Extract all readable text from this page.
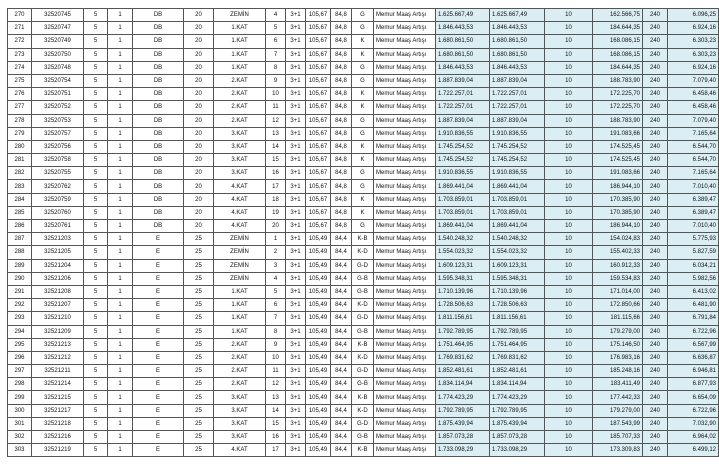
270	32520745	5	1	DB	20	ZEMİN	4	3+1	105,67	84,8	G	Memur Maaş Artışı	1.625.667,49	1.625.667,49	10	162.566,75	240	6.096,25
271	32520747	5	1	DB	20	1.KAT	5	3+1	105,67	84,8	G	Memur Maaş Artışı	1.846.443,53	1.846.443,53	10	184.644,35	240	6.924,16
272	32520749	5	1	DB	20	1.KAT	6	3+1	105,67	84,8	K	Memur Maaş Artışı	1.680.861,50	1.680.861,50	10	168.086,15	240	6.303,23
273	32520750	5	1	DB	20	1.KAT	7	3+1	105,67	84,8	K	Memur Maaş Artışı	1.680.861,50	1.680.861,50	10	168.086,15	240	6.303,23
274	32520748	5	1	DB	20	1.KAT	8	3+1	105,67	84,8	G	Memur Maaş Artışı	1.846.443,53	1.846.443,53	10	184.644,35	240	6.924,16
275	32520754	5	1	DB	20	2.KAT	9	3+1	105,67	84,8	G	Memur Maaş Artışı	1.887.839,04	1.887.839,04	10	188.783,90	240	7.079,40
276	32520751	5	1	DB	20	2.KAT	10	3+1	105,67	84,8	K	Memur Maaş Artışı	1.722.257,01	1.722.257,01	10	172.225,70	240	6.458,46
277	32520752	5	1	DB	20	2.KAT	11	3+1	105,67	84,8	K	Memur Maaş Artışı	1.722.257,01	1.722.257,01	10	172.225,70	240	6.458,46
278	32520753	5	1	DB	20	2.KAT	12	3+1	105,67	84,8	G	Memur Maaş Artışı	1.887.839,04	1.887.839,04	10	188.783,90	240	7.079,40
279	32520757	5	1	DB	20	3.KAT	13	3+1	105,67	84,8	G	Memur Maaş Artışı	1.910.836,55	1.910.836,55	10	191.083,66	240	7.165,64
280	32520756	5	1	DB	20	3.KAT	14	3+1	105,67	84,8	K	Memur Maaş Artışı	1.745.254,52	1.745.254,52	10	174.525,45	240	6.544,70
281	32520758	5	1	DB	20	3.KAT	15	3+1	105,67	84,8	K	Memur Maaş Artışı	1.745.254,52	1.745.254,52	10	174.525,45	240	6.544,70
282	32520755	5	1	DB	20	3.KAT	16	3+1	105,67	84,8	G	Memur Maaş Artışı	1.910.836,55	1.910.836,55	10	191.083,66	240	7.165,64
283	32520762	5	1	DB	20	4.KAT	17	3+1	105,67	84,8	G	Memur Maaş Artışı	1.869.441,04	1.869.441,04	10	186.944,10	240	7.010,40
284	32520759	5	1	DB	20	4.KAT	18	3+1	105,67	84,8	K	Memur Maaş Artışı	1.703.859,01	1.703.859,01	10	170.385,90	240	6.389,47
285	32520760	5	1	DB	20	4.KAT	19	3+1	105,67	84,8	K	Memur Maaş Artışı	1.703.859,01	1.703.859,01	10	170.385,90	240	6.389,47
286	32520761	5	1	DB	20	4.KAT	20	3+1	105,67	84,8	G	Memur Maaş Artışı	1.869.441,04	1.869.441,04	10	186.944,10	240	7.010,40
287	32521203	5	1	E	25	ZEMİN	1	3+1	105,49	84,4	K-B	Memur Maaş Artışı	1.540.248,32	1.540.248,32	10	154.024,83	240	5.775,93
288	32521205	5	1	E	25	ZEMİN	2	3+1	105,49	84,4	K-D	Memur Maaş Artışı	1.554.023,32	1.554.023,32	10	155.402,33	240	5.827,59
289	32521204	5	1	E	25	ZEMİN	3	3+1	105,49	84,4	G-D	Memur Maaş Artışı	1.609.123,31	1.609.123,31	10	160.912,33	240	6.034,21
290	32521206	5	1	E	25	ZEMİN	4	3+1	105,49	84,4	G-B	Memur Maaş Artışı	1.595.348,31	1.595.348,31	10	159.534,83	240	5.982,56
291	32521208	5	1	E	25	1.KAT	5	3+1	105,49	84,4	G-B	Memur Maaş Artışı	1.710.139,96	1.710.139,96	10	171.014,00	240	6.413,02
292	32521207	5	1	E	25	1.KAT	6	3+1	105,49	84,4	K-D	Memur Maaş Artışı	1.728.506,63	1.728.506,63	10	172.850,66	240	6.481,90
293	32521210	5	1	E	25	1.KAT	7	3+1	105,49	84,4	G-D	Memur Maaş Artışı	1.811.156,61	1.811.156,61	10	181.115,66	240	6.791,84
294	32521209	5	1	E	25	1.KAT	8	3+1	105,49	84,4	G-B	Memur Maaş Artışı	1.792.789,95	1.792.789,95	10	179.279,00	240	6.722,96
295	32521213	5	1	E	25	2.KAT	9	3+1	105,49	84,4	K-B	Memur Maaş Artışı	1.751.464,95	1.751.464,95	10	175.146,50	240	6.567,99
296	32521212	5	1	E	25	2.KAT	10	3+1	105,49	84,4	K-D	Memur Maaş Artışı	1.769.831,62	1.769.831,62	10	176.983,16	240	6.636,87
297	32521211	5	1	E	25	2.KAT	11	3+1	105,49	84,4	G-D	Memur Maaş Artışı	1.852.481,61	1.852.481,61	10	185.248,16	240	6.946,81
298	32521214	5	1	E	25	2.KAT	12	3+1	105,49	84,4	G-B	Memur Maaş Artışı	1.834.114,94	1.834.114,94	10	183.411,49	240	6.877,93
299	32521215	5	1	E	25	3.KAT	13	3+1	105,49	84,4	K-B	Memur Maaş Artışı	1.774.423,29	1.774.423,29	10	177.442,33	240	6.654,09
300	32521217	5	1	E	25	3.KAT	14	3+1	105,49	84,4	K-D	Memur Maaş Artışı	1.792.789,95	1.792.789,95	10	179.279,00	240	6.722,96
301	32521218	5	1	E	25	3.KAT	15	3+1	105,49	84,4	G-D	Memur Maaş Artışı	1.875.439,94	1.875.439,94	10	187.543,99	240	7.032,90
302	32521216	5	1	E	25	3.KAT	16	3+1	105,49	84,4	G-B	Memur Maaş Artışı	1.857.073,28	1.857.073,28	10	185.707,33	240	6.964,02
303	32521219	5	1	E	25	4.KAT	17	3+1	105,49	84,4	K-B	Memur Maaş Artışı	1.733.098,29	1.733.098,29	10	173.309,83	240	6.499,12
